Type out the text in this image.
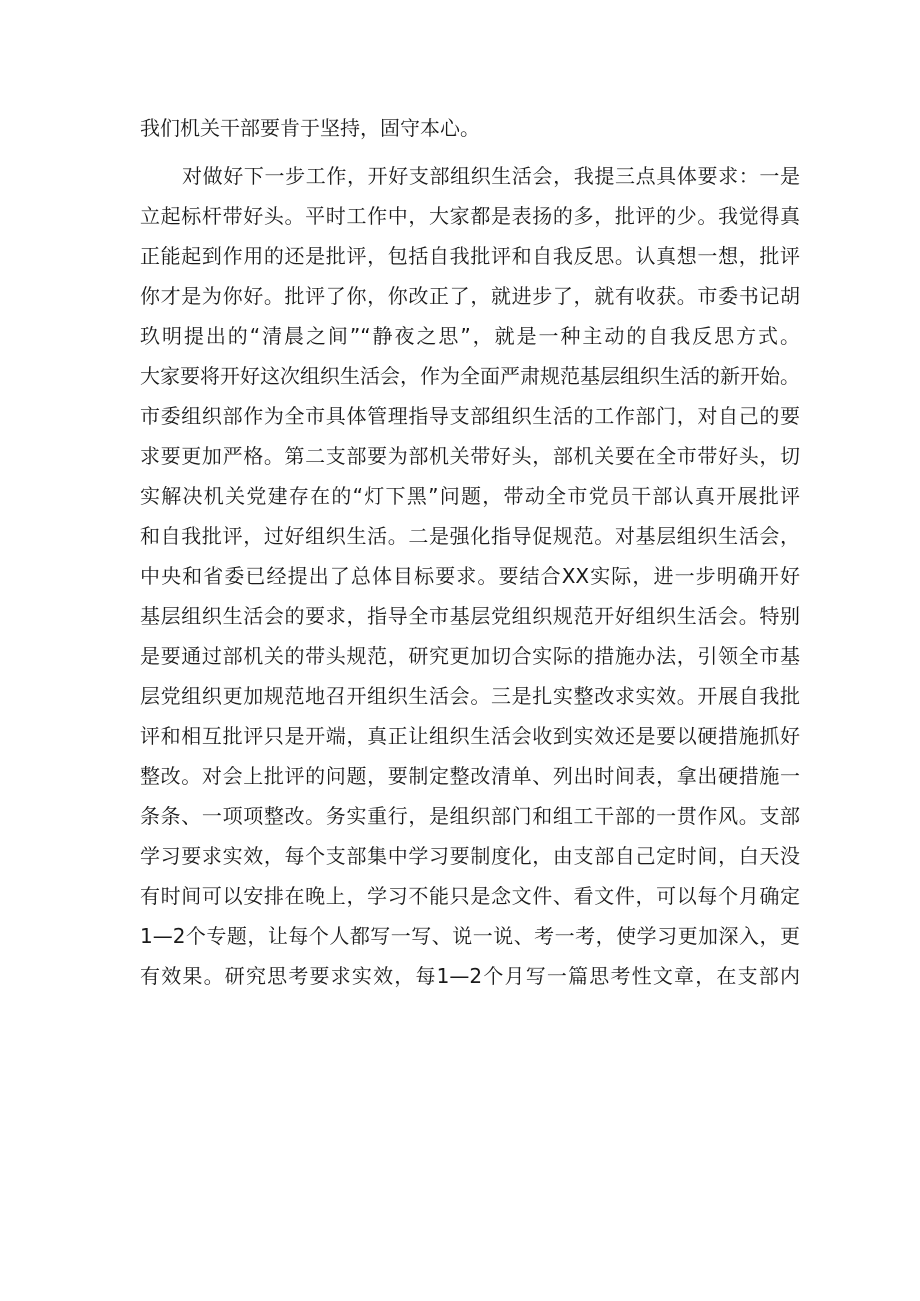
我们机关干部要肯于坚持，固守本心。
对做好下一步工作，开好支部组织生活会，我提三点具体要求：一是
立起标杆带好头。平时工作中，大家都是表扬的多，批评的少。我觉得真
正能起到作用的还是批评，包括自我批评和自我反思。认真想一想，批评
你才是为你好。批评了你，你改正了，就进步了，就有收获。市委书记胡
玖明提出的“清晨之间”“静夜之思”，就是一种主动的自我反思方式。
大家要将开好这次组织生活会，作为全面严肃规范基层组织生活的新开始。
市委组织部作为全市具体管理指导支部组织生活的工作部门，对自己的要
求要更加严格。第二支部要为部机关带好头，部机关要在全市带好头，切
实解决机关党建存在的“灯下黑”问题，带动全市党员干部认真开展批评
和自我批评，过好组织生活。二是强化指导促规范。对基层组织生活会，
中央和省委已经提出了总体目标要求。要结合XX实际，进一步明确开好
基层组织生活会的要求，指导全市基层党组织规范开好组织生活会。特别
是要通过部机关的带头规范，研究更加切合实际的措施办法，引领全市基
层党组织更加规范地召开组织生活会。三是扎实整改求实效。开展自我批
评和相互批评只是开端，真正让组织生活会收到实效还是要以硬措施抓好
整改。对会上批评的问题，要制定整改清单、列出时间表，拿出硬措施一
条条、一项项整改。务实重行，是组织部门和组工干部的一贯作风。支部
学习要求实效，每个支部集中学习要制度化，由支部自己定时间，白天没
有时间可以安排在晚上，学习不能只是念文件、看文件，可以每个月确定
1—2个专题，让每个人都写一写、说一说、考一考，使学习更加深入，更
有效果。研究思考要求实效，每1—2个月写一篇思考性文章，在支部内
